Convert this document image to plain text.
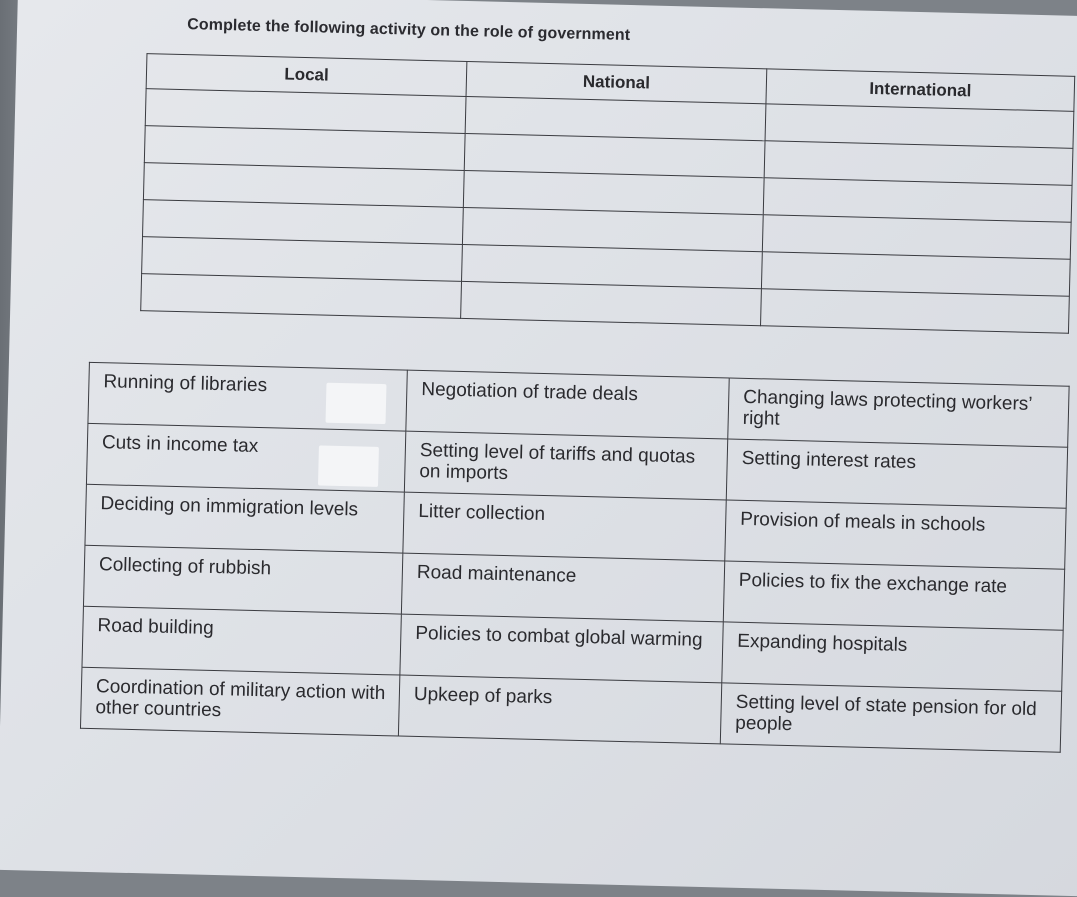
Complete the following activity on the role of government
Local	National	International

Running of libraries	Negotiation of trade deals	Changing laws protecting workers’ right
Cuts in income tax	Setting level of tariffs and quotas on imports	Setting interest rates
Deciding on immigration levels	Litter collection	Provision of meals in schools
Collecting of rubbish	Road maintenance	Policies to fix the exchange rate
Road building	Policies to combat global warming	Expanding hospitals
Coordination of military action with other countries	Upkeep of parks	Setting level of state pension for old people
